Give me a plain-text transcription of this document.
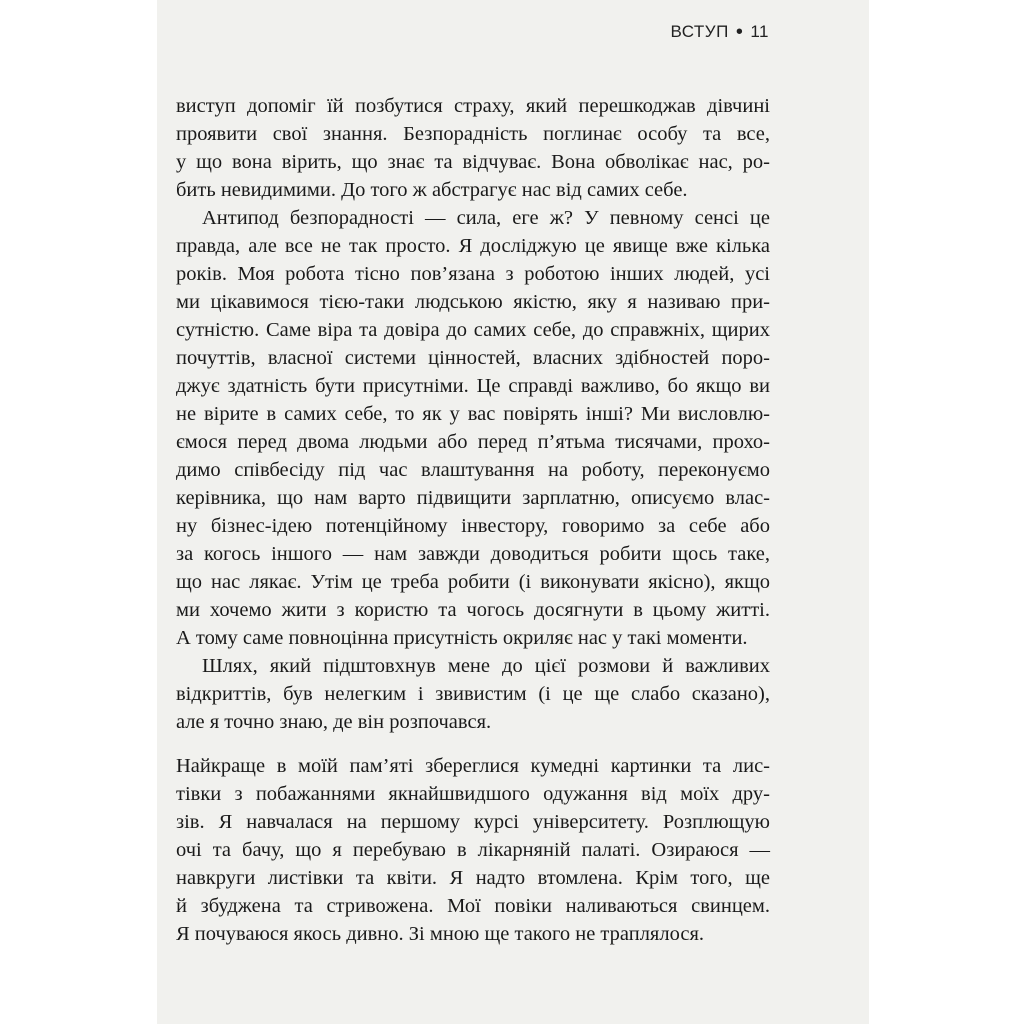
ВСТУП • 11
виступ допоміг їй позбутися страху, який перешкоджав дівчині
проявити свої знання. Безпорадність поглинає особу та все,
у що вона вірить, що знає та відчуває. Вона обволікає нас, ро-
бить невидимими. До того ж абстрагує нас від самих себе.
Антипод безпорадності — сила, еге ж? У певному сенсі це
правда, але все не так просто. Я досліджую це явище вже кілька
років. Моя робота тісно пов’язана з роботою інших людей, усі
ми цікавимося тією-таки людською якістю, яку я називаю при-
сутністю. Саме віра та довіра до самих себе, до справжніх, щирих
почуттів, власної системи цінностей, власних здібностей поро-
джує здатність бути присутніми. Це справді важливо, бо якщо ви
не вірите в самих себе, то як у вас повірять інші? Ми висловлю-
ємося перед двома людьми або перед п’ятьма тисячами, прохо-
димо співбесіду під час влаштування на роботу, переконуємо
керівника, що нам варто підвищити зарплатню, описуємо влас-
ну бізнес-ідею потенційному інвестору, говоримо за себе або
за когось іншого — нам завжди доводиться робити щось таке,
що нас лякає. Утім це треба робити (і виконувати якісно), якщо
ми хочемо жити з користю та чогось досягнути в цьому житті.
А тому саме повноцінна присутність окриляє нас у такі моменти.
Шлях, який підштовхнув мене до цієї розмови й важливих
відкриттів, був нелегким і звивистим (і це ще слабо сказано),
але я точно знаю, де він розпочався.
Найкраще в моїй пам’яті збереглися кумедні картинки та лис-
тівки з побажаннями якнайшвидшого одужання від моїх дру-
зів. Я навчалася на першому курсі університету. Розплющую
очі та бачу, що я перебуваю в лікарняній палаті. Озираюся —
навкруги листівки та квіти. Я надто втомлена. Крім того, ще
й збуджена та стривожена. Мої повіки наливаються свинцем.
Я почуваюся якось дивно. Зі мною ще такого не траплялося.
